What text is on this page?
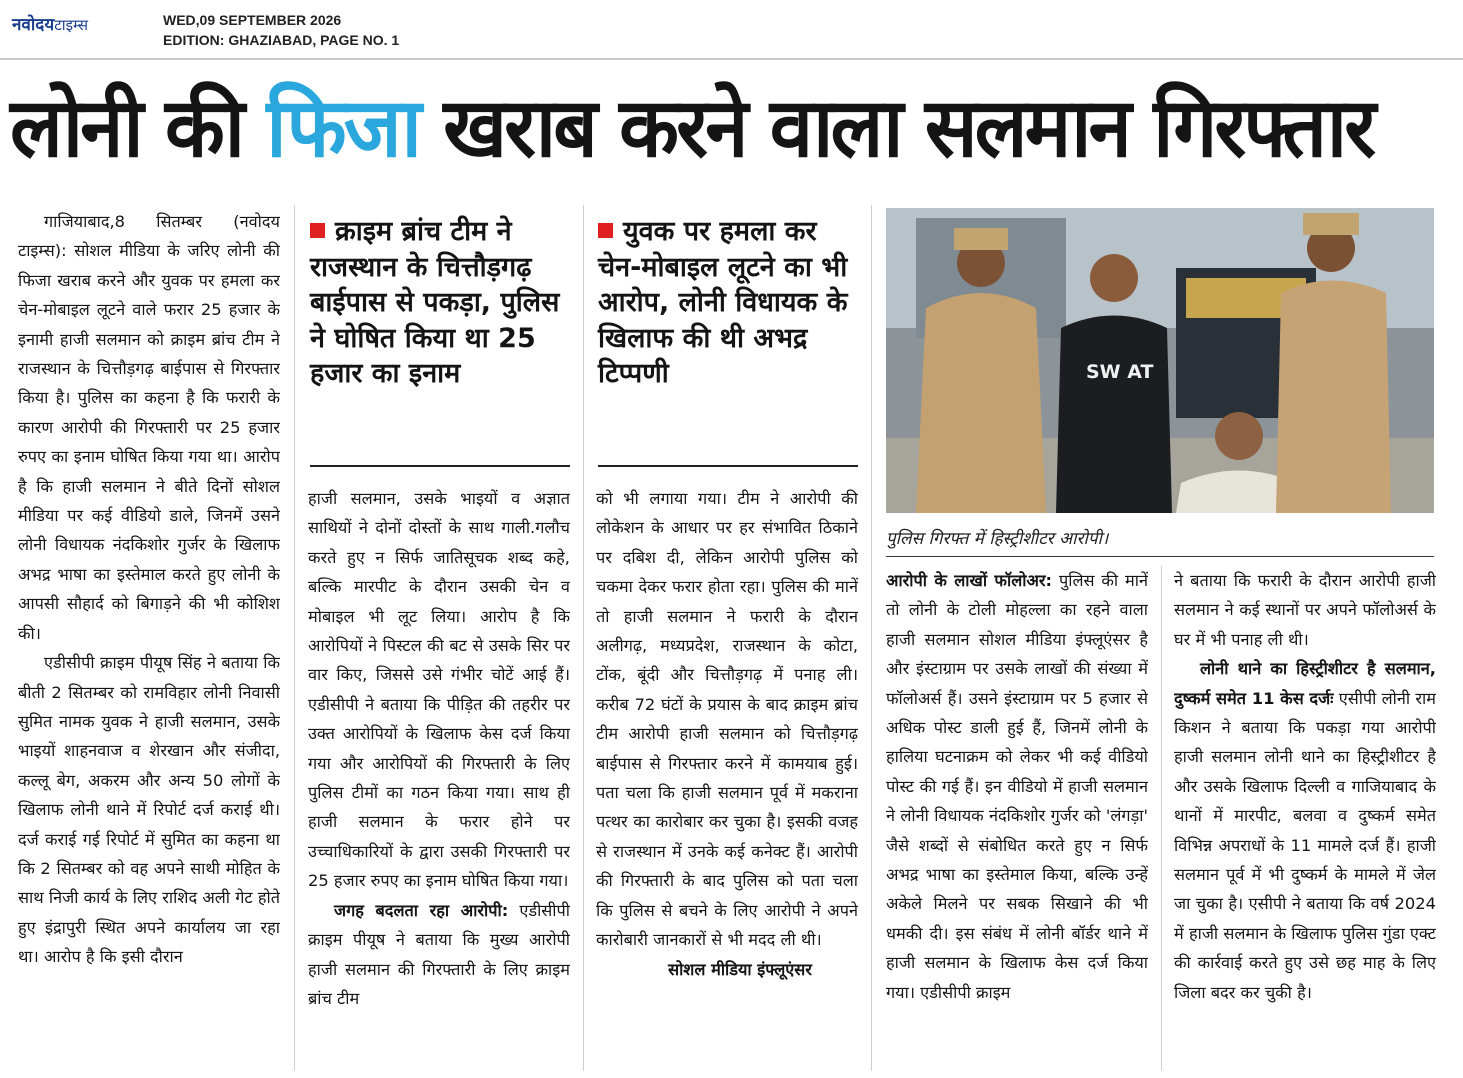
नवोदयटाइम्स	WED,09 SEPTEMBER 2026
EDITION: GHAZIABAD, PAGE NO. 1
लोनी की फिजा खराब करने वाला सलमान गिरफ्तार

गाजियाबाद,8 सितम्बर (नवोदय टाइम्स): सोशल मीडिया के जरिए लोनी की फिजा खराब करने और युवक पर हमला कर चेन-मोबाइल लूटने वाले फरार 25 हजार के इनामी हाजी सलमान को क्राइम ब्रांच टीम ने राजस्थान के चित्तौड़गढ़ बाईपास से गिरफ्तार किया है। पुलिस का कहना है कि फरारी के कारण आरोपी की गिरफ्तारी पर 25 हजार रुपए का इनाम घोषित किया गया था। आरोप है कि हाजी सलमान ने बीते दिनों सोशल मीडिया पर कई वीडियो डाले, जिनमें उसने लोनी विधायक नंदकिशोर गुर्जर के खिलाफ अभद्र भाषा का इस्तेमाल करते हुए लोनी के आपसी सौहार्द को बिगाड़ने की भी कोशिश की।

एडीसीपी क्राइम पीयूष सिंह ने बताया कि बीती 2 सितम्बर को रामविहार लोनी निवासी सुमित नामक युवक ने हाजी सलमान, उसके भाइयों शाहनवाज व शेरखान और संजीदा, कल्लू बेग, अकरम और अन्य 50 लोगों के खिलाफ लोनी थाने में रिपोर्ट दर्ज कराई थी। दर्ज कराई गई रिपोर्ट में सुमित का कहना था कि 2 सितम्बर को वह अपने साथी मोहित के साथ निजी कार्य के लिए राशिद अली गेट होते हुए इंद्रापुरी स्थित अपने कार्यालय जा रहा था। आरोप है कि इसी दौरान

क्राइम ब्रांच टीम ने राजस्थान के चित्तौड़गढ़ बाईपास से पकड़ा, पुलिस ने घोषित किया था 25 हजार का इनाम

हाजी सलमान, उसके भाइयों व अज्ञात साथियों ने दोनों दोस्तों के साथ गाली.गलौच करते हुए न सिर्फ जातिसूचक शब्द कहे, बल्कि मारपीट के दौरान उसकी चेन व मोबाइल भी लूट लिया। आरोप है कि आरोपियों ने पिस्टल की बट से उसके सिर पर वार किए, जिससे उसे गंभीर चोटें आई हैं। एडीसीपी ने बताया कि पीड़ित की तहरीर पर उक्त आरोपियों के खिलाफ केस दर्ज किया गया और आरोपियों की गिरफ्तारी के लिए पुलिस टीमों का गठन किया गया। साथ ही हाजी सलमान के फरार होने पर उच्चाधिकारियों के द्वारा उसकी गिरफ्तारी पर 25 हजार रुपए का इनाम घोषित किया गया।

जगह बदलता रहा आरोपी: एडीसीपी क्राइम पीयूष ने बताया कि मुख्य आरोपी हाजी सलमान की गिरफ्तारी के लिए क्राइम ब्रांच टीम

युवक पर हमला कर चेन-मोबाइल लूटने का भी आरोप, लोनी विधायक के खिलाफ की थी अभद्र टिप्पणी

को भी लगाया गया। टीम ने आरोपी की लोकेशन के आधार पर हर संभावित ठिकाने पर दबिश दी, लेकिन आरोपी पुलिस को चकमा देकर फरार होता रहा। पुलिस की मानें तो हाजी सलमान ने फरारी के दौरान अलीगढ़, मध्यप्रदेश, राजस्थान के कोटा, टोंक, बूंदी और चित्तौड़गढ़ में पनाह ली। करीब 72 घंटों के प्रयास के बाद क्राइम ब्रांच टीम आरोपी हाजी सलमान को चित्तौड़गढ़ बाईपास से गिरफ्तार करने में कामयाब हुई। पता चला कि हाजी सलमान पूर्व में मकराना पत्थर का कारोबार कर चुका है। इसकी वजह से राजस्थान में उनके कई कनेक्ट हैं। आरोपी की गिरफ्तारी के बाद पुलिस को पता चला कि पुलिस से बचने के लिए आरोपी ने अपने कारोबारी जानकारों से भी मदद ली थी।

सोशल मीडिया इंफ्लूएंसर

SW AT
पुलिस गिरफ्त में हिस्ट्रीशीटर आरोपी।

आरोपी के लाखों फॉलोअर: पुलिस की मानें तो लोनी के टोली मोहल्ला का रहने वाला हाजी सलमान सोशल मीडिया इंफ्लूएंसर है और इंस्टाग्राम पर उसके लाखों की संख्या में फॉलोअर्स हैं। उसने इंस्टाग्राम पर 5 हजार से अधिक पोस्ट डाली हुई हैं, जिनमें लोनी के हालिया घटनाक्रम को लेकर भी कई वीडियो पोस्ट की गई हैं। इन वीडियो में हाजी सलमान ने लोनी विधायक नंदकिशोर गुर्जर को 'लंगड़ा' जैसे शब्दों से संबोधित करते हुए न सिर्फ अभद्र भाषा का इस्तेमाल किया, बल्कि उन्हें अकेले मिलने पर सबक सिखाने की भी धमकी दी। इस संबंध में लोनी बॉर्डर थाने में हाजी सलमान के खिलाफ केस दर्ज किया गया। एडीसीपी क्राइम

ने बताया कि फरारी के दौरान आरोपी हाजी सलमान ने कई स्थानों पर अपने फॉलोअर्स के घर में भी पनाह ली थी।

लोनी थाने का हिस्ट्रीशीटर है सलमान, दुष्कर्म समेत 11 केस दर्जः एसीपी लोनी राम किशन ने बताया कि पकड़ा गया आरोपी हाजी सलमान लोनी थाने का हिस्ट्रीशीटर है और उसके खिलाफ दिल्ली व गाजियाबाद के थानों में मारपीट, बलवा व दुष्कर्म समेत विभिन्न अपराधों के 11 मामले दर्ज हैं। हाजी सलमान पूर्व में भी दुष्कर्म के मामले में जेल जा चुका है। एसीपी ने बताया कि वर्ष 2024 में हाजी सलमान के खिलाफ पुलिस गुंडा एक्ट की कार्रवाई करते हुए उसे छह माह के लिए जिला बदर कर चुकी है।
